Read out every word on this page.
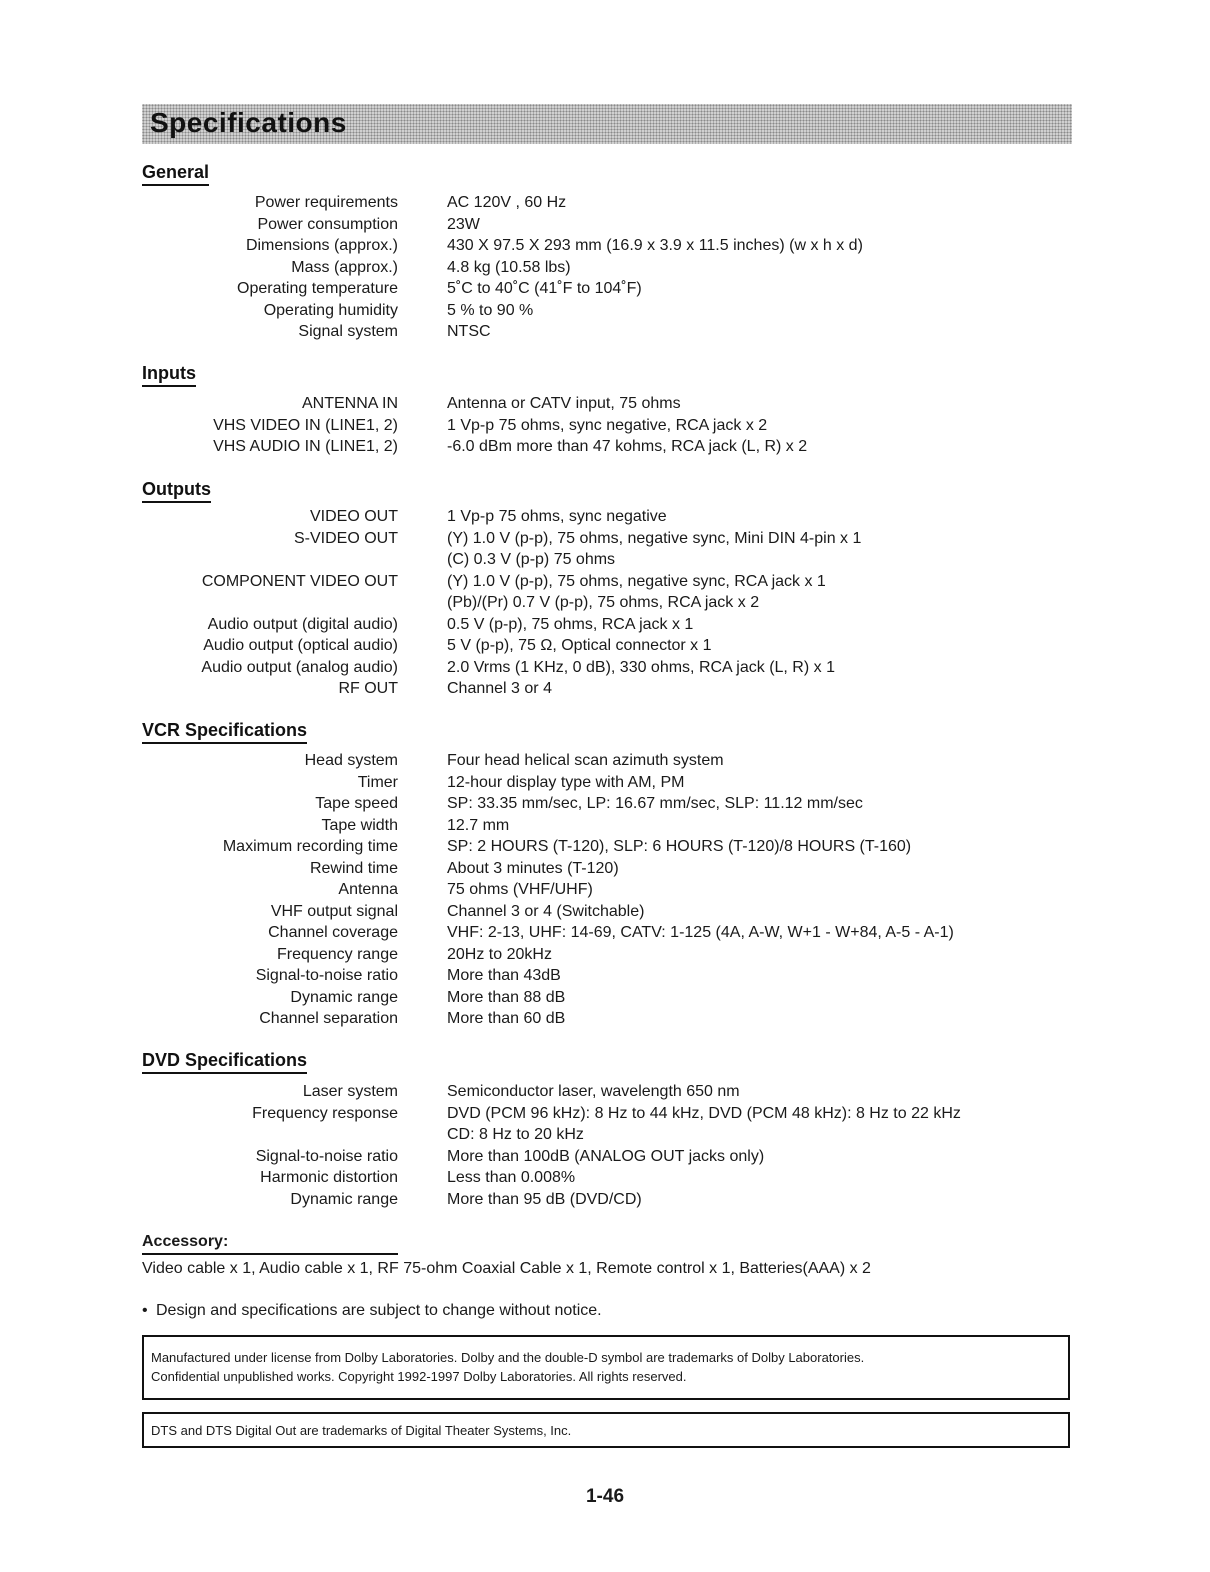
Specifications
General
Power requirements	AC 120V , 60 Hz
Power consumption	23W
Dimensions (approx.)	430 X 97.5 X 293 mm (16.9 x 3.9 x 11.5 inches) (w x h x d)
Mass (approx.)	4.8 kg (10.58 lbs)
Operating temperature	5˚C to 40˚C (41˚F to 104˚F)
Operating humidity	5 % to 90 %
Signal system	NTSC
Inputs
ANTENNA IN	Antenna or CATV input, 75 ohms
VHS VIDEO IN (LINE1, 2)	1 Vp-p 75 ohms, sync negative, RCA jack x 2
VHS AUDIO IN (LINE1, 2)	-6.0 dBm more than 47 kohms, RCA jack (L, R) x 2
Outputs
VIDEO OUT	1 Vp-p 75 ohms, sync negative
S-VIDEO OUT	(Y) 1.0 V (p-p), 75 ohms, negative sync, Mini DIN 4-pin x 1
(C) 0.3 V (p-p) 75 ohms
COMPONENT VIDEO OUT	(Y) 1.0 V (p-p), 75 ohms, negative sync, RCA jack x 1
(Pb)/(Pr) 0.7 V (p-p), 75 ohms, RCA jack x 2
Audio output (digital audio)	0.5 V (p-p), 75 ohms, RCA jack x 1
Audio output (optical audio)	5 V (p-p), 75 Ω, Optical connector x 1
Audio output (analog audio)	2.0 Vrms (1 KHz, 0 dB), 330 ohms, RCA jack (L, R) x 1
RF OUT	Channel 3 or 4
VCR Specifications
Head system	Four head helical scan azimuth system
Timer	12-hour display type with AM, PM
Tape speed	SP: 33.35 mm/sec, LP: 16.67 mm/sec, SLP: 11.12 mm/sec
Tape width	12.7 mm
Maximum recording time	SP: 2 HOURS (T-120), SLP: 6 HOURS (T-120)/8 HOURS (T-160)
Rewind time	About 3 minutes (T-120)
Antenna	75 ohms (VHF/UHF)
VHF output signal	Channel 3 or 4 (Switchable)
Channel coverage	VHF: 2-13, UHF: 14-69, CATV: 1-125 (4A, A-W, W+1 - W+84, A-5 - A-1)
Frequency range	20Hz to 20kHz
Signal-to-noise ratio	More than 43dB
Dynamic range	More than 88 dB
Channel separation	More than 60 dB
DVD Specifications
Laser system	Semiconductor laser, wavelength 650 nm
Frequency response	DVD (PCM 96 kHz): 8 Hz to 44 kHz, DVD (PCM 48 kHz): 8 Hz to 22 kHz
CD: 8 Hz to 20 kHz
Signal-to-noise ratio	More than 100dB (ANALOG OUT jacks only)
Harmonic distortion	Less than 0.008%
Dynamic range	More than 95 dB (DVD/CD)
Accessory:
Video cable x 1, Audio cable x 1, RF 75-ohm Coaxial Cable x 1, Remote control x 1, Batteries(AAA) x 2
• Design and specifications are subject to change without notice.
Manufactured under license from Dolby Laboratories. Dolby and the double-D symbol are trademarks of Dolby Laboratories.
Confidential unpublished works. Copyright 1992-1997 Dolby Laboratories. All rights reserved.
DTS and DTS Digital Out are trademarks of Digital Theater Systems, Inc.
1-46
